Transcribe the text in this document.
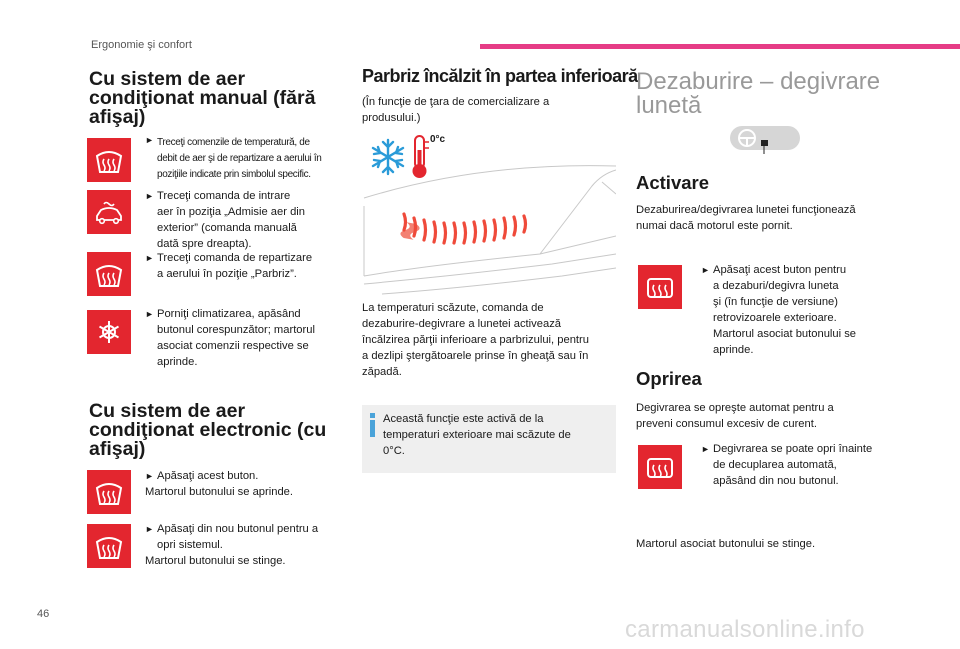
Ergonomie şi confort
Cu sistem de aer
condiţionat manual (fără
afişaj)
► Treceţi comenzile de temperatură, de
debit de aer şi de repartizare a aerului în
poziţiile indicate prin simbolul specific.
► Treceţi comanda de intrare
aer în poziţia „Admisie aer din
exterior” (comanda manuală
dată spre dreapta).
► Treceţi comanda de repartizare
a aerului în poziţie „Parbriz”.
► Porniţi climatizarea, apăsând
butonul corespunzător; martorul
asociat comenzii respective se
aprinde.
Cu sistem de aer
condiţionat electronic (cu
afişaj)
► Apăsaţi acest buton.
Martorul butonului se aprinde.
► Apăsaţi din nou butonul pentru a
opri sistemul.
Martorul butonului se stinge.
Parbriz încălzit în partea inferioară
(În funcţie de ţara de comercializare a
produsului.)
0°c
La temperaturi scăzute, comanda de
dezaburire-degivrare a lunetei activează
încălzirea părţii inferioare a parbrizului, pentru
a dezlipi ştergătoarele prinse în gheaţă sau în
zăpadă.
Această funcţie este activă de la
temperaturi exterioare mai scăzute de
0°C.
Dezaburire – degivrare
lunetă
Activare
Dezaburirea/degivrarea lunetei funcţionează
numai dacă motorul este pornit.
► Apăsaţi acest buton pentru
a dezaburi/degivra luneta
şi (în funcţie de versiune)
retrovizoarele exterioare.
Martorul asociat butonului se
aprinde.
Oprirea
Degivrarea se opreşte automat pentru a
preveni consumul excesiv de curent.
► Degivrarea se poate opri înainte
de decuplarea automată,
apăsând din nou butonul.
Martorul asociat butonului se stinge.
46
carmanualsonline.info
